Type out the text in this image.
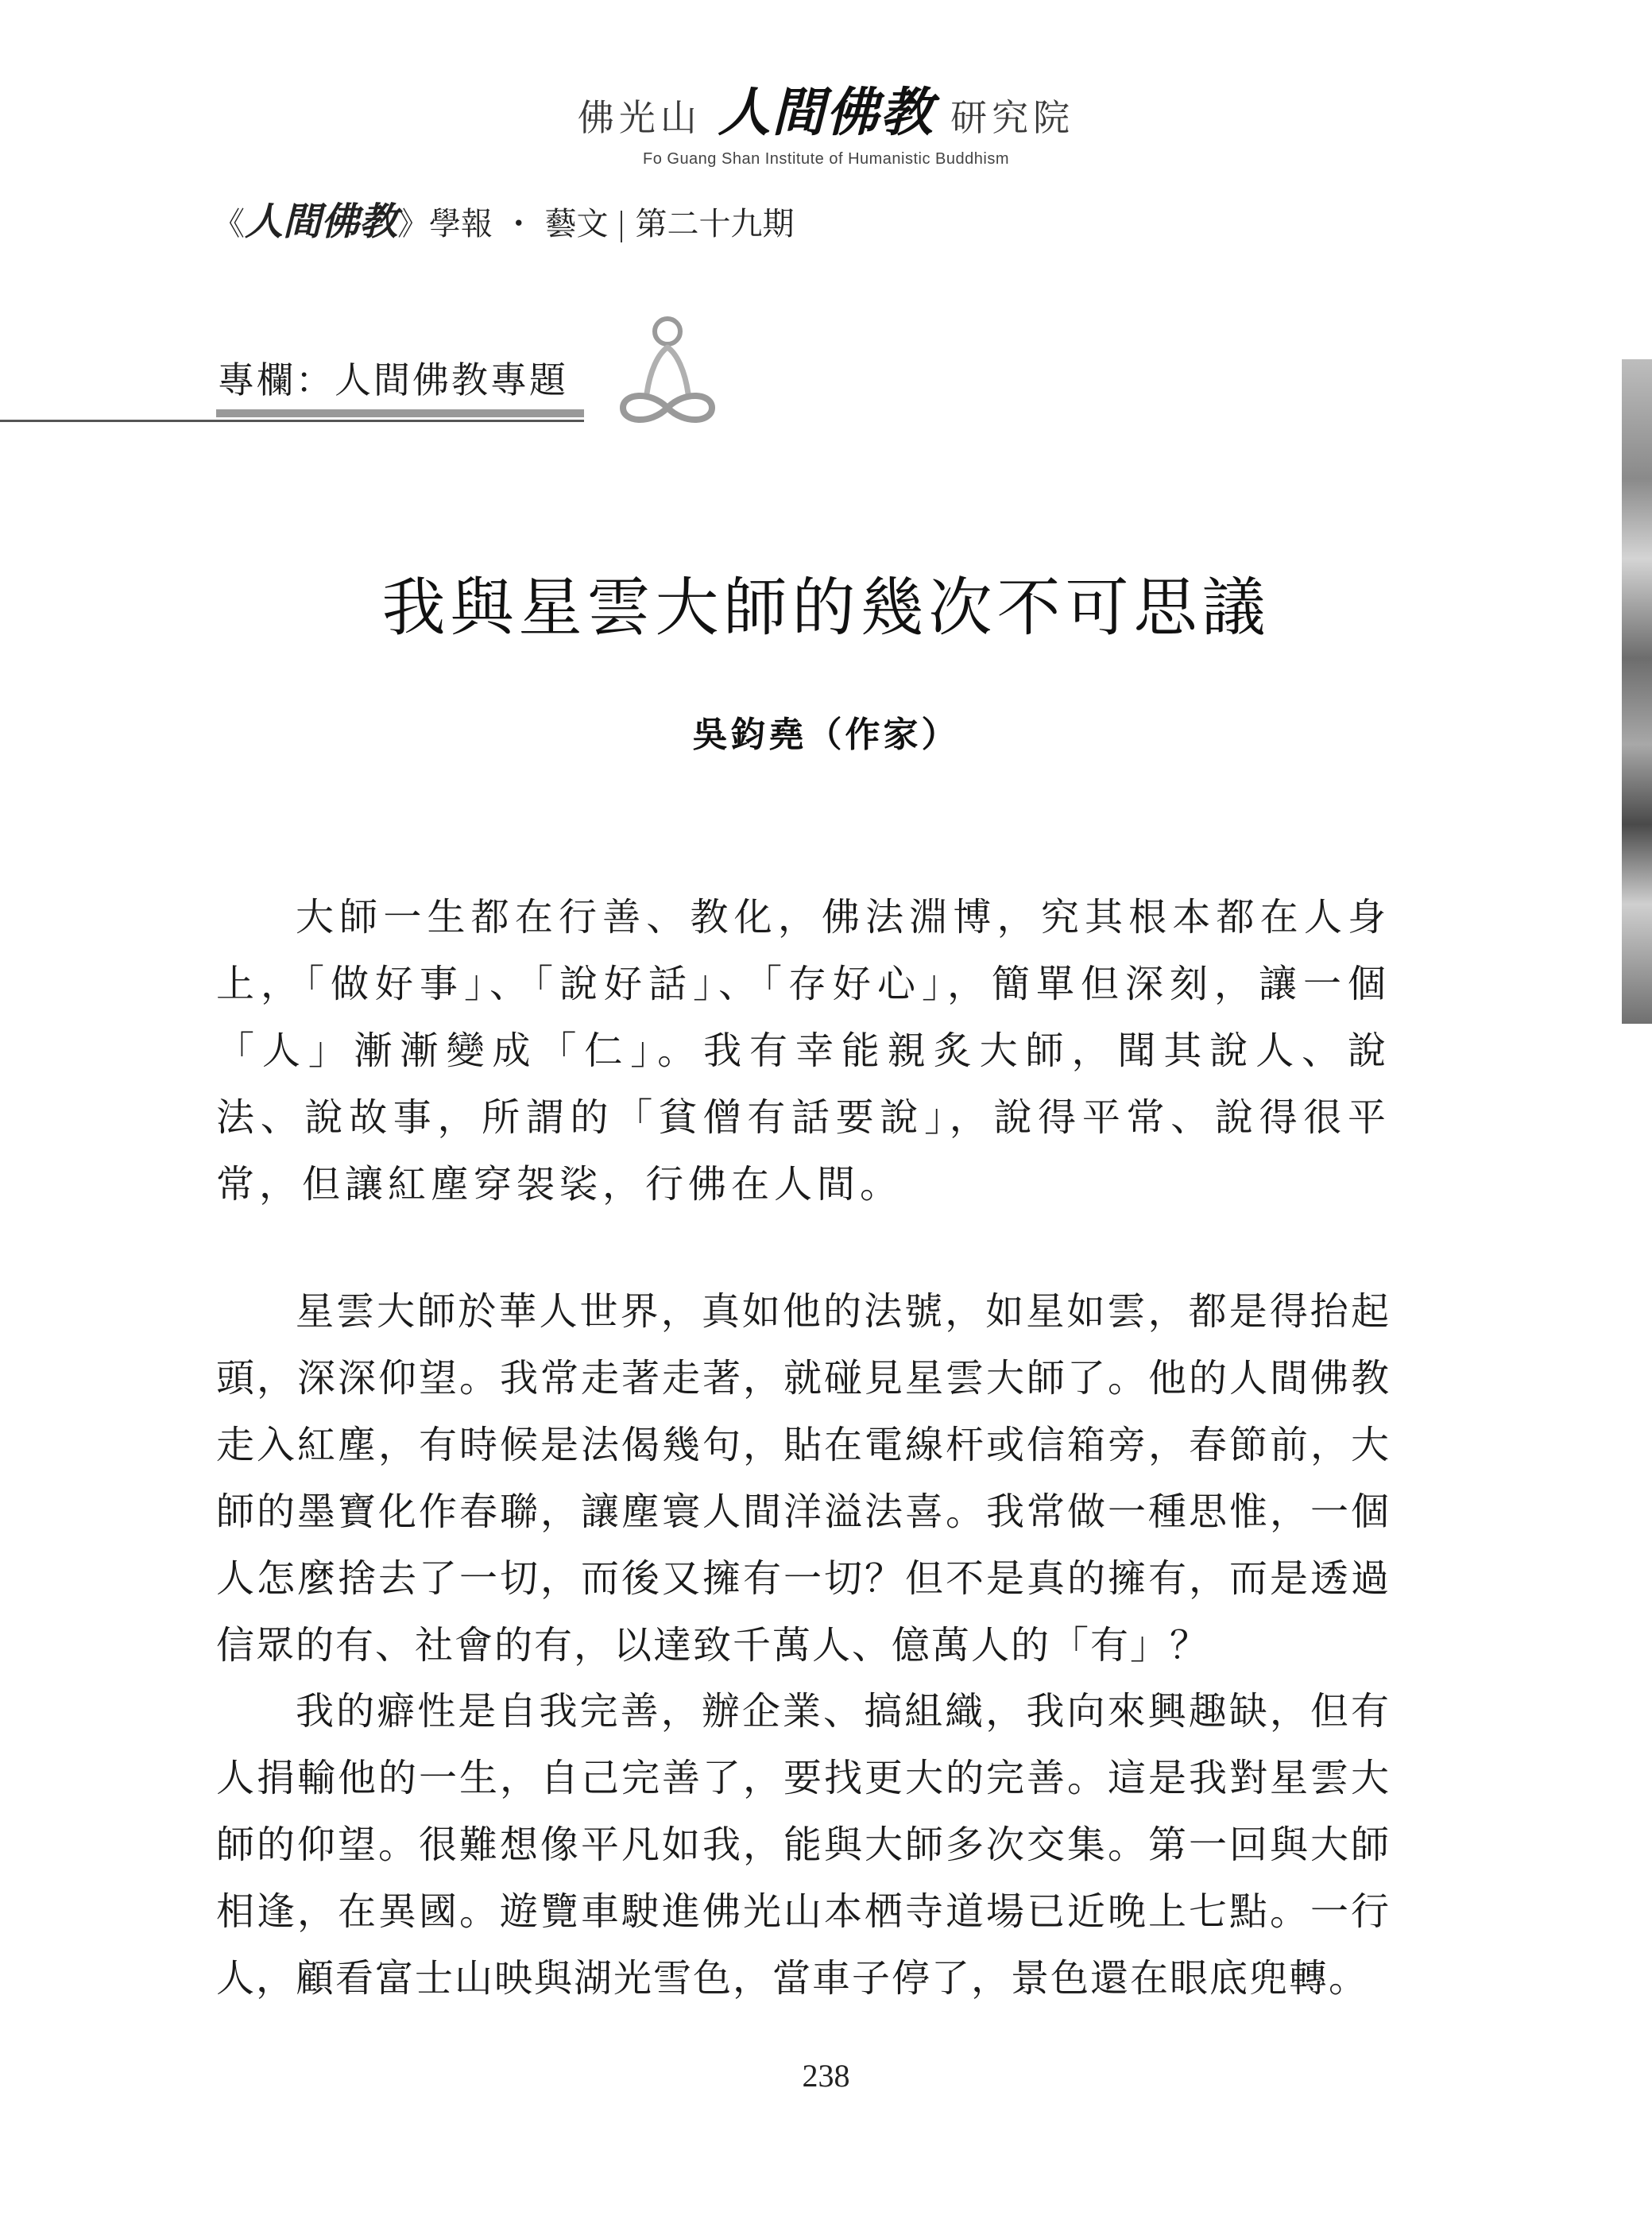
佛光山 人間佛教 研究院
Fo Guang Shan Institute of Humanistic Buddhism
《人間佛教》學報 ・ 藝文 第二十九期
專欄：人間佛教專題
我與星雲大師的幾次不可思議
吳鈞堯（作家）

大師一生都在行善、教化，佛法淵博，究其根本都在人身上，「做好事」、「說好話」、「存好心」，簡單但深刻，讓一個「人」漸漸變成「仁」。我有幸能親炙大師，聞其說人、說法、說故事，所謂的「貧僧有話要說」，說得平常、說得很平常，但讓紅塵穿袈裟，行佛在人間。

星雲大師於華人世界，真如他的法號，如星如雲，都是得抬起頭，深深仰望。我常走著走著，就碰見星雲大師了。他的人間佛教走入紅塵，有時候是法偈幾句，貼在電線杆或信箱旁，春節前，大師的墨寶化作春聯，讓塵寰人間洋溢法喜。我常做一種思惟，一個人怎麼捨去了一切，而後又擁有一切？但不是真的擁有，而是透過信眾的有、社會的有，以達致千萬人、億萬人的「有」？

我的癖性是自我完善，辦企業、搞組織，我向來興趣缺，但有人捐輸他的一生，自己完善了，要找更大的完善。這是我對星雲大師的仰望。很難想像平凡如我，能與大師多次交集。第一回與大師相逢，在異國。遊覽車駛進佛光山本栖寺道場已近晚上七點。一行人，顧看富士山映與湖光雪色，當車子停了，景色還在眼底兜轉。

238
